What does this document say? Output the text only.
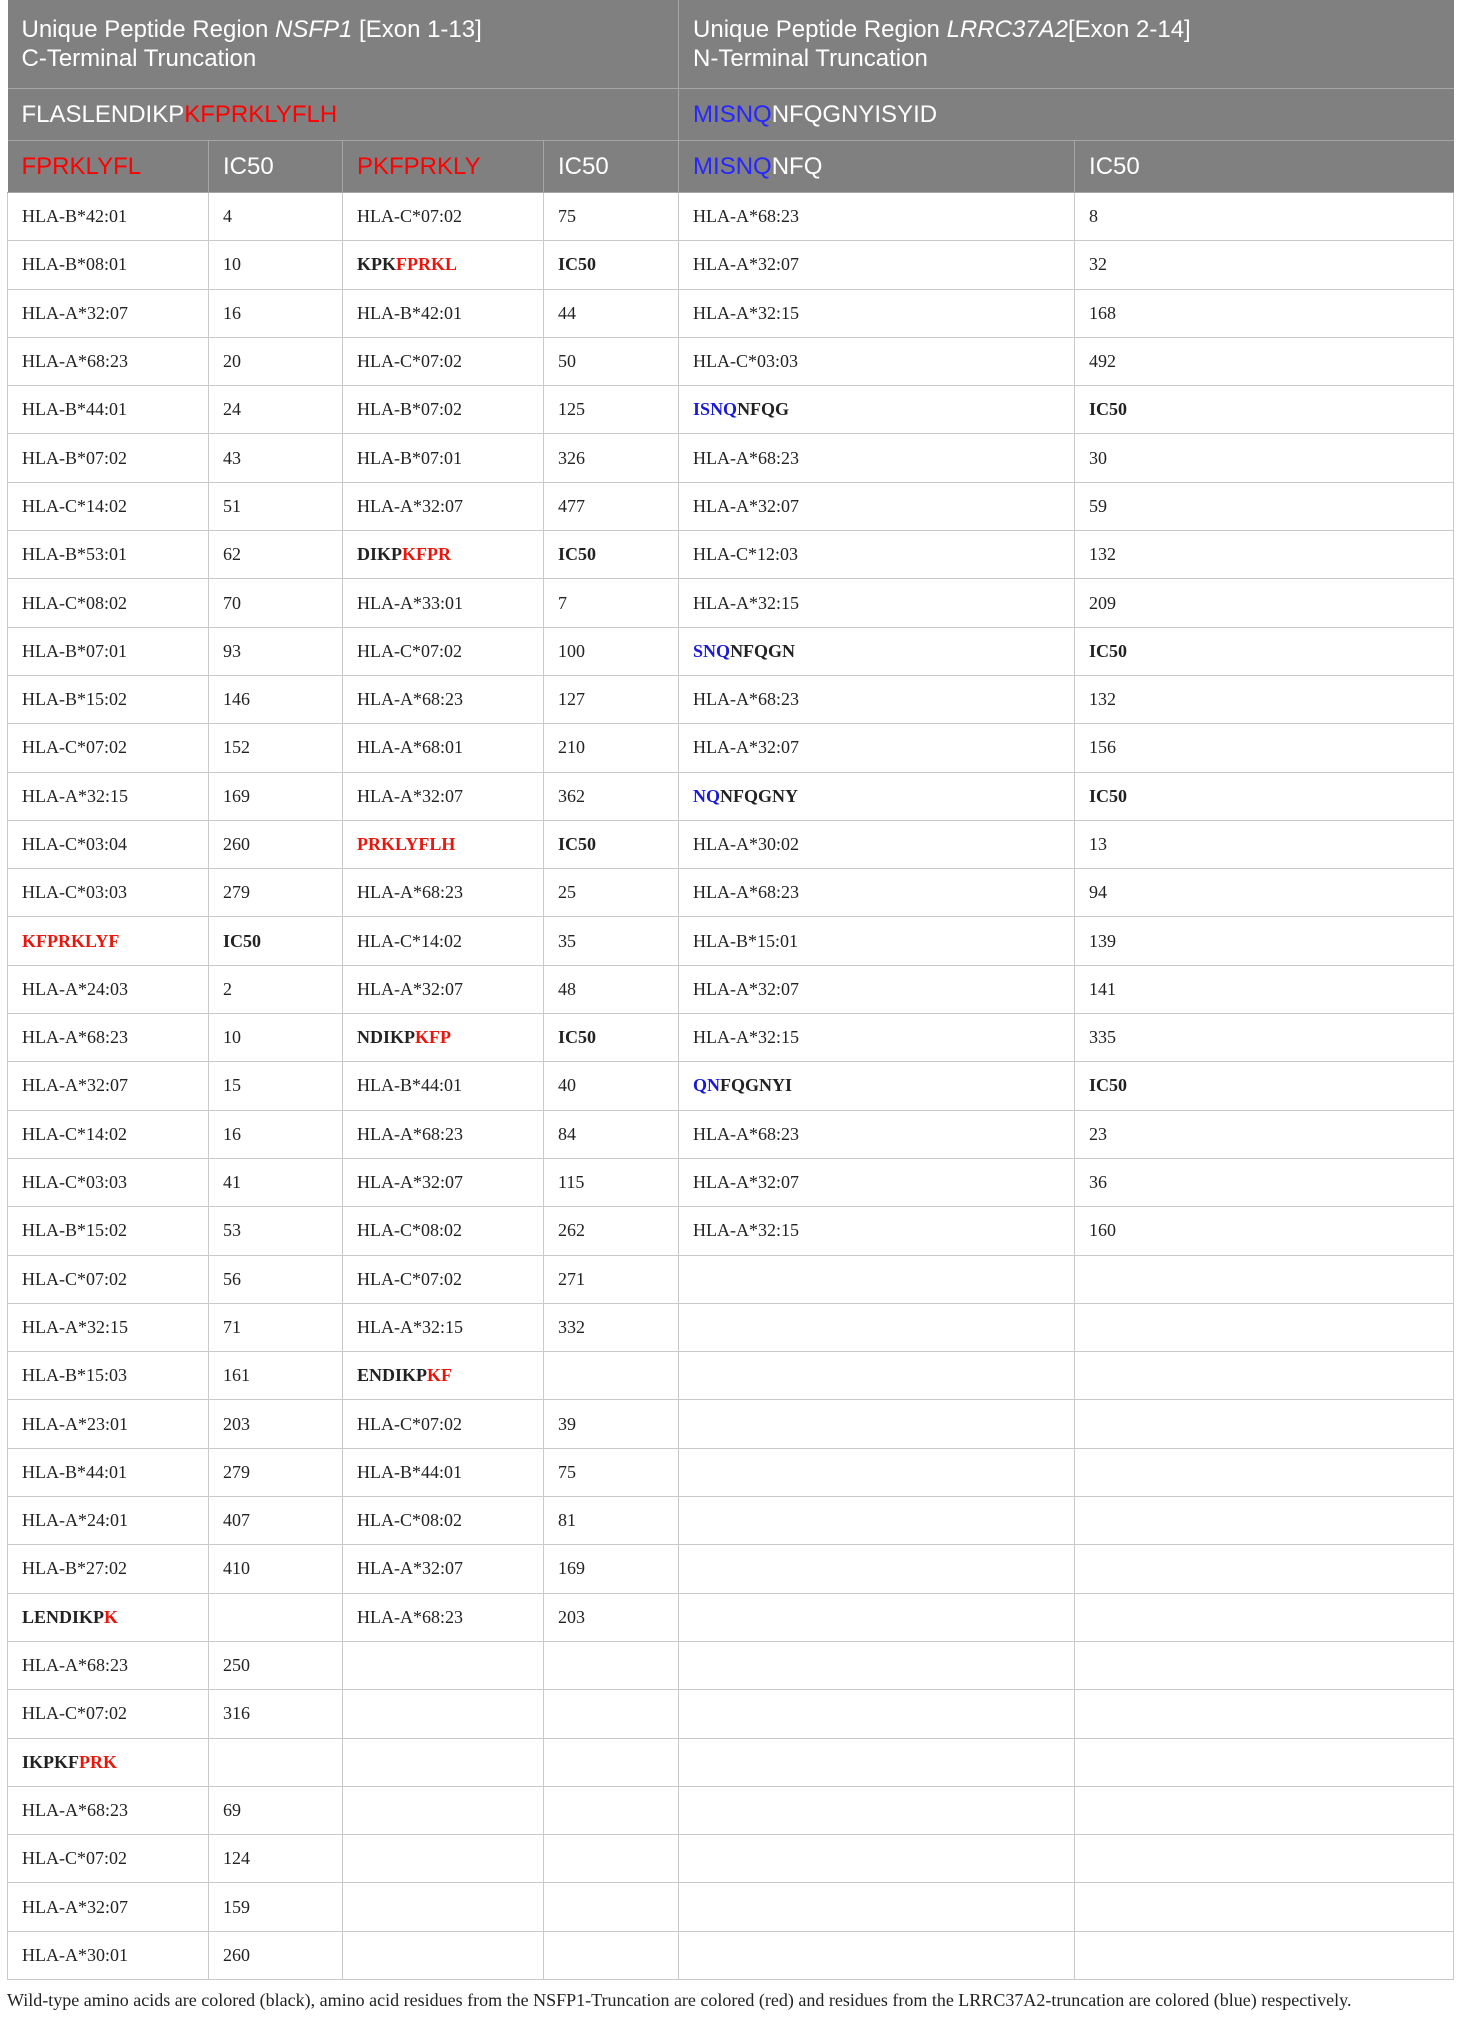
Unique Peptide Region NSFP1 [Exon 1-13]
C-Terminal Truncation				Unique Peptide Region LRRC37A2[Exon 2-14]
N-Terminal Truncation	
FLASLENDIKPKFPRKLYFLH				MISNQNFQGNYISYID	
FPRKLYFL	IC50	PKFPRKLY	IC50	MISNQNFQ	IC50
HLA-B*42:01	4	HLA-C*07:02	75	HLA-A*68:23	8
HLA-B*08:01	10	KPKFPRKL	IC50	HLA-A*32:07	32
HLA-A*32:07	16	HLA-B*42:01	44	HLA-A*32:15	168
HLA-A*68:23	20	HLA-C*07:02	50	HLA-C*03:03	492
HLA-B*44:01	24	HLA-B*07:02	125	ISNQNFQG	IC50
HLA-B*07:02	43	HLA-B*07:01	326	HLA-A*68:23	30
HLA-C*14:02	51	HLA-A*32:07	477	HLA-A*32:07	59
HLA-B*53:01	62	DIKPKFPR	IC50	HLA-C*12:03	132
HLA-C*08:02	70	HLA-A*33:01	7	HLA-A*32:15	209
HLA-B*07:01	93	HLA-C*07:02	100	SNQNFQGN	IC50
HLA-B*15:02	146	HLA-A*68:23	127	HLA-A*68:23	132
HLA-C*07:02	152	HLA-A*68:01	210	HLA-A*32:07	156
HLA-A*32:15	169	HLA-A*32:07	362	NQNFQGNY	IC50
HLA-C*03:04	260	PRKLYFLH	IC50	HLA-A*30:02	13
HLA-C*03:03	279	HLA-A*68:23	25	HLA-A*68:23	94
KFPRKLYF	IC50	HLA-C*14:02	35	HLA-B*15:01	139
HLA-A*24:03	2	HLA-A*32:07	48	HLA-A*32:07	141
HLA-A*68:23	10	NDIKPKFP	IC50	HLA-A*32:15	335
HLA-A*32:07	15	HLA-B*44:01	40	QNFQGNYI	IC50
HLA-C*14:02	16	HLA-A*68:23	84	HLA-A*68:23	23
HLA-C*03:03	41	HLA-A*32:07	115	HLA-A*32:07	36
HLA-B*15:02	53	HLA-C*08:02	262	HLA-A*32:15	160
HLA-C*07:02	56	HLA-C*07:02	271		
HLA-A*32:15	71	HLA-A*32:15	332		
HLA-B*15:03	161	ENDIKPKF			
HLA-A*23:01	203	HLA-C*07:02	39		
HLA-B*44:01	279	HLA-B*44:01	75		
HLA-A*24:01	407	HLA-C*08:02	81		
HLA-B*27:02	410	HLA-A*32:07	169		
LENDIKPK		HLA-A*68:23	203		
HLA-A*68:23	250				
HLA-C*07:02	316				
IKPKFPRK					
HLA-A*68:23	69				
HLA-C*07:02	124				
HLA-A*32:07	159				
HLA-A*30:01	260				
Wild-type amino acids are colored (black), amino acid residues from the NSFP1-Truncation are colored (red) and residues from the LRRC37A2-truncation are colored (blue) respectively.
